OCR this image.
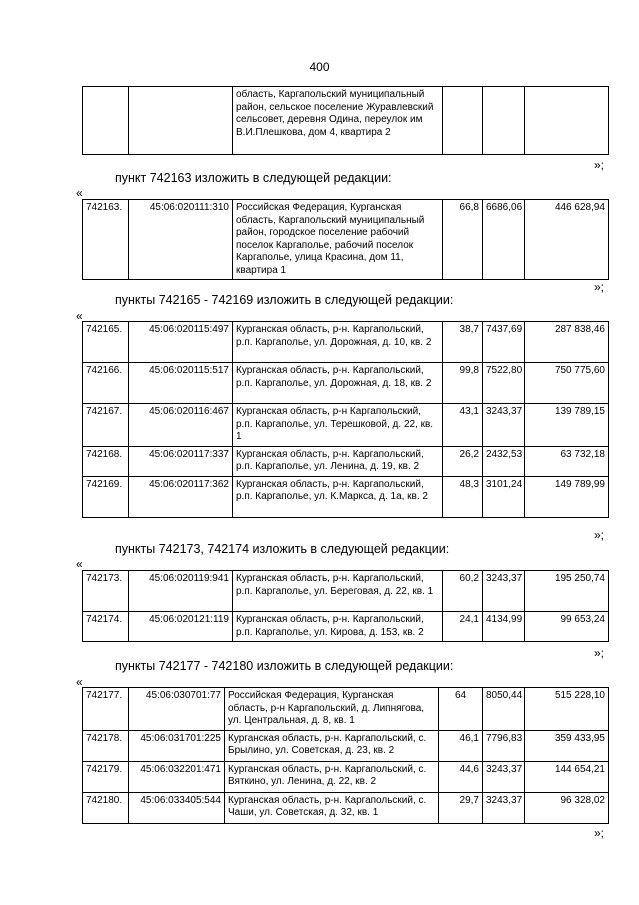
400
		область, Каргапольский муниципальный район, сельское поселение Журавлевский сельсовет, деревня Одина, переулок им В.И.Плешкова, дом 4, квартира 2			
»;
пункт 742163 изложить в следующей редакции:
«
742163.	45:06:020111:310	Российская Федерация, Курганская область, Каргапольский муниципальный район, городское поселение рабочий поселок Каргаполье, рабочий поселок Каргаполье, улица Красина, дом 11, квартира 1	66,8	6686,06	446 628,94
»;
пункты 742165 - 742169 изложить в следующей редакции:
«
742165.	45:06:020115:497	Курганская область, р-н. Каргапольский, р.п. Каргаполье, ул. Дорожная, д. 10, кв. 2	38,7	7437,69	287 838,46
742166.	45:06:020115:517	Курганская область, р-н. Каргапольский, р.п. Каргаполье, ул. Дорожная, д. 18, кв. 2	99,8	7522,80	750 775,60
742167.	45:06:020116:467	Курганская область, р-н Каргапольский, р.п. Каргаполье, ул. Терешковой, д. 22, кв. 1	43,1	3243,37	139 789,15
742168.	45:06:020117:337	Курганская область, р-н. Каргапольский, р.п. Каргаполье, ул. Ленина, д. 19, кв. 2	26,2	2432,53	63 732,18
742169.	45:06:020117:362	Курганская область, р-н. Каргапольский, р.п. Каргаполье, ул. К.Маркса, д. 1а, кв. 2	48,3	3101,24	149 789,99
»;
пункты 742173, 742174 изложить в следующей редакции:
«
742173.	45:06:020119:941	Курганская область, р-н. Каргапольский, р.п. Каргаполье, ул. Береговая, д. 22, кв. 1	60,2	3243,37	195 250,74
742174.	45:06:020121:119	Курганская область, р-н. Каргапольский, р.п. Каргаполье, ул. Кирова, д. 153, кв. 2	24,1	4134,99	99 653,24
»;
пункты 742177 - 742180 изложить в следующей редакции:
«
742177.	45:06:030701:77	Российская Федерация, Курганская область, р-н Каргапольский, д. Липнягова, ул. Центральная, д. 8, кв. 1	64	8050,44	515 228,10
742178.	45:06:031701:225	Курганская область, р-н. Каргапольский, с. Брылино, ул. Советская, д. 23, кв. 2	46,1	7796,83	359 433,95
742179.	45:06:032201:471	Курганская область, р-н. Каргапольский, с. Вяткино, ул. Ленина, д. 22, кв. 2	44,6	3243,37	144 654,21
742180.	45:06:033405:544	Курганская область, р-н. Каргапольский, с. Чаши, ул. Советская, д. 32, кв. 1	29,7	3243,37	96 328,02
»;
